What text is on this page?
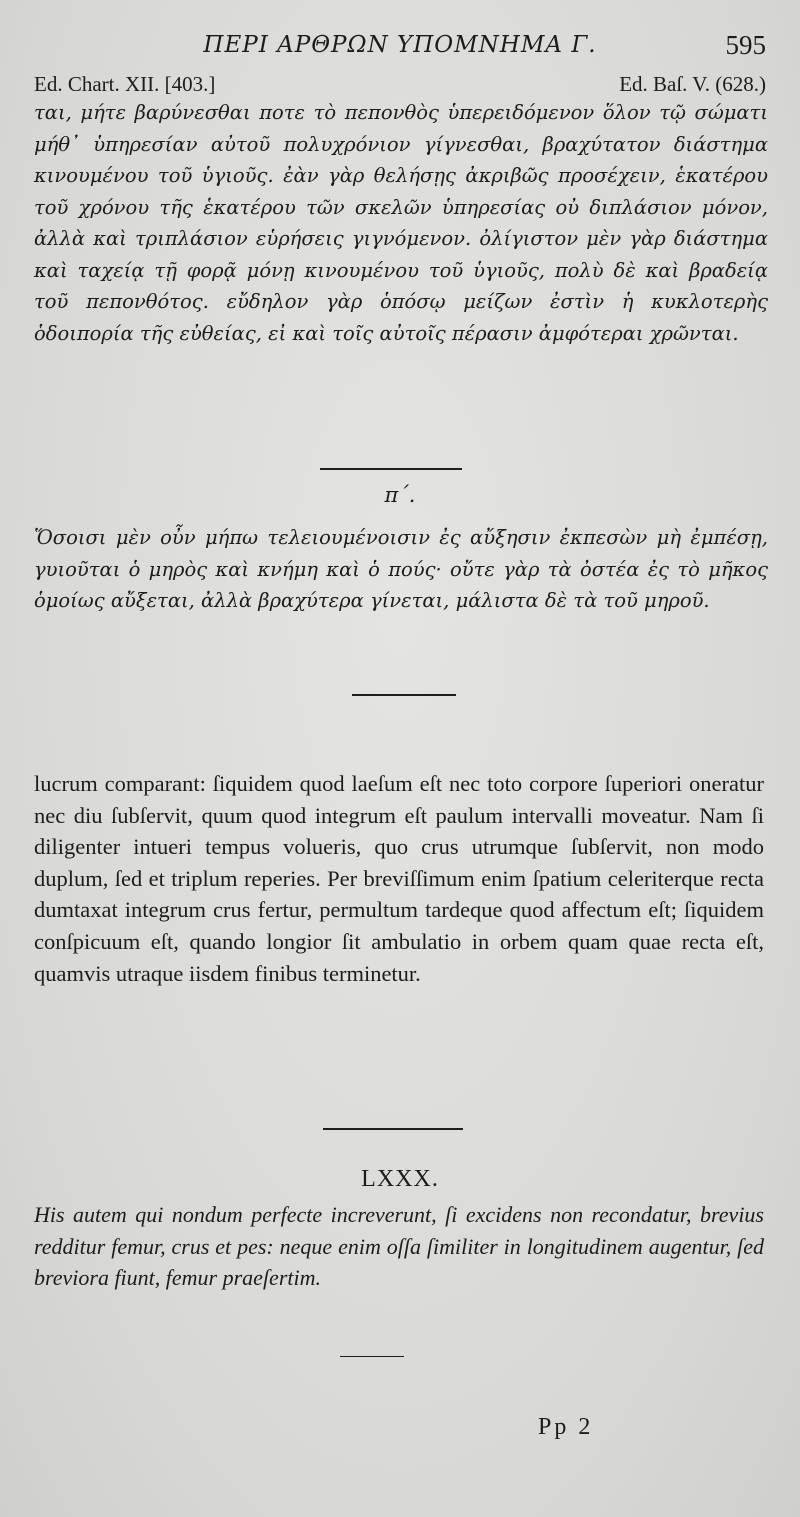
ΠΕΡΙ ΑΡΘΡΩΝ ΥΠΟΜΝΗΜΑ Γ.	595
Ed. Chart. XII. [403.]	Ed. Baſ. V. (628.)
ται, μήτε βαρύνεσθαι ποτε τὸ πεπονθὸς ὑπερειδόμενον ὅλον τῷ σώματι μήθ᾽ ὑπηρεσίαν αὐτοῦ πολυχρόνιον γίγνεσθαι, βραχύτατον διάστημα κινουμένου τοῦ ὑγιοῦς. ἐὰν γὰρ θελήσῃς ἀκριβῶς προσέχειν, ἑκατέρου τοῦ χρόνου τῆς ἑκατέρου τῶν σκελῶν ὑπηρεσίας οὐ διπλάσιον μόνον, ἀλλὰ καὶ τριπλάσιον εὑρήσεις γιγνόμενον. ὀλίγιστον μὲν γὰρ διάστημα καὶ ταχείᾳ τῇ φορᾷ μόνῃ κινουμένου τοῦ ὑγιοῦς, πολὺ δὲ καὶ βραδείᾳ τοῦ πεπονθότος. εὔδηλον γὰρ ὁπόσῳ μείζων ἐστὶν ἡ κυκλοτερὴς ὁδοιπορία τῆς εὐθείας, εἰ καὶ τοῖς αὐτοῖς πέρασιν ἀμφότεραι χρῶνται.
π΄.
Ὅσοισι μὲν οὖν μήπω τελειουμένοισιν ἐς αὔξησιν ἐκπεσὼν μὴ ἐμπέσῃ, γυιοῦται ὁ μηρὸς καὶ κνήμη καὶ ὁ πούς· οὔτε γὰρ τὰ ὀστέα ἐς τὸ μῆκος ὁμοίως αὔξεται, ἀλλὰ βραχύτερα γίνεται, μάλιστα δὲ τὰ τοῦ μηροῦ.
lucrum comparant: ſiquidem quod laeſum eſt nec toto corpore ſuperiori oneratur nec diu ſubſervit, quum quod integrum eſt paulum intervalli moveatur. Nam ſi diligenter intueri tempus volueris, quo crus utrumque ſubſervit, non modo duplum, ſed et triplum reperies. Per breviſſimum enim ſpatium celeriterque recta dumtaxat integrum crus fertur, permultum tardeque quod affectum eſt; ſiquidem conſpicuum eſt, quando longior ſit ambulatio in orbem quam quae recta eſt, quamvis utraque iisdem finibus terminetur.
LXXX.
His autem qui nondum perfecte increverunt, ſi excidens non recondatur, brevius redditur femur, crus et pes: neque enim oſſa ſimiliter in longitudinem augentur, ſed breviora fiunt, femur praeſertim.
Pp 2
